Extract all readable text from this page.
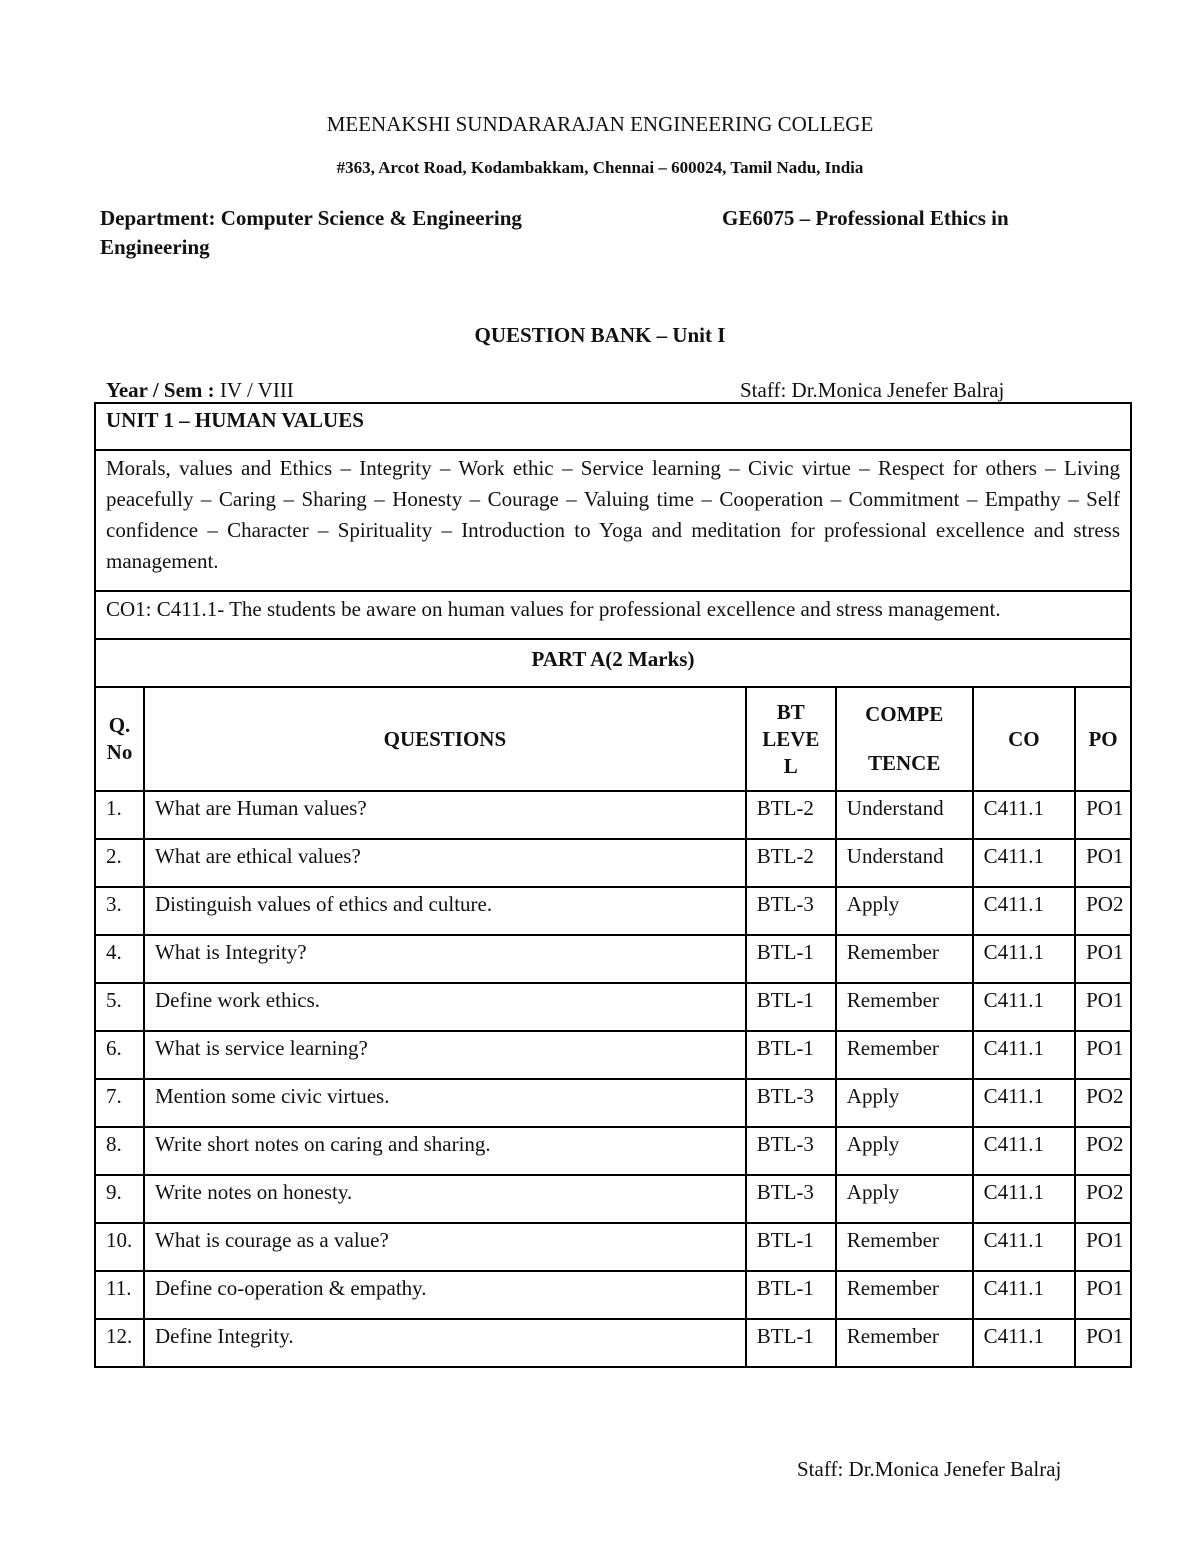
MEENAKSHI SUNDARARAJAN ENGINEERING COLLEGE
#363, Arcot Road, Kodambakkam, Chennai – 600024, Tamil Nadu, India
Department: Computer Science & Engineering	GE6075 – Professional Ethics in
Engineering
QUESTION BANK – Unit I
Year / Sem : IV / VIII	Staff: Dr.Monica Jenefer Balraj
UNIT 1 – HUMAN VALUES
Morals, values and Ethics – Integrity – Work ethic – Service learning – Civic virtue – Respect for others – Living peacefully – Caring – Sharing – Honesty – Courage – Valuing time – Cooperation – Commitment – Empathy – Self confidence – Character – Spirituality – Introduction to Yoga and meditation for professional excellence and stress management.
CO1: C411.1- The students be aware on human values for professional excellence and stress management.
PART A(2 Marks)
Q.
No	QUESTIONS	BT
LEVE
L	COMPE
TENCE	CO	PO
1.	What are Human values?	BTL-2	Understand	C411.1	PO1
2.	What are ethical values?	BTL-2	Understand	C411.1	PO1
3.	Distinguish values of ethics and culture.	BTL-3	Apply	C411.1	PO2
4.	What is Integrity?	BTL-1	Remember	C411.1	PO1
5.	Define work ethics.	BTL-1	Remember	C411.1	PO1
6.	What is service learning?	BTL-1	Remember	C411.1	PO1
7.	Mention some civic virtues.	BTL-3	Apply	C411.1	PO2
8.	Write short notes on caring and sharing.	BTL-3	Apply	C411.1	PO2
9.	Write notes on honesty.	BTL-3	Apply	C411.1	PO2
10.	What is courage as a value?	BTL-1	Remember	C411.1	PO1
11.	Define co-operation & empathy.	BTL-1	Remember	C411.1	PO1
12.	Define Integrity.	BTL-1	Remember	C411.1	PO1
Staff: Dr.Monica Jenefer Balraj
